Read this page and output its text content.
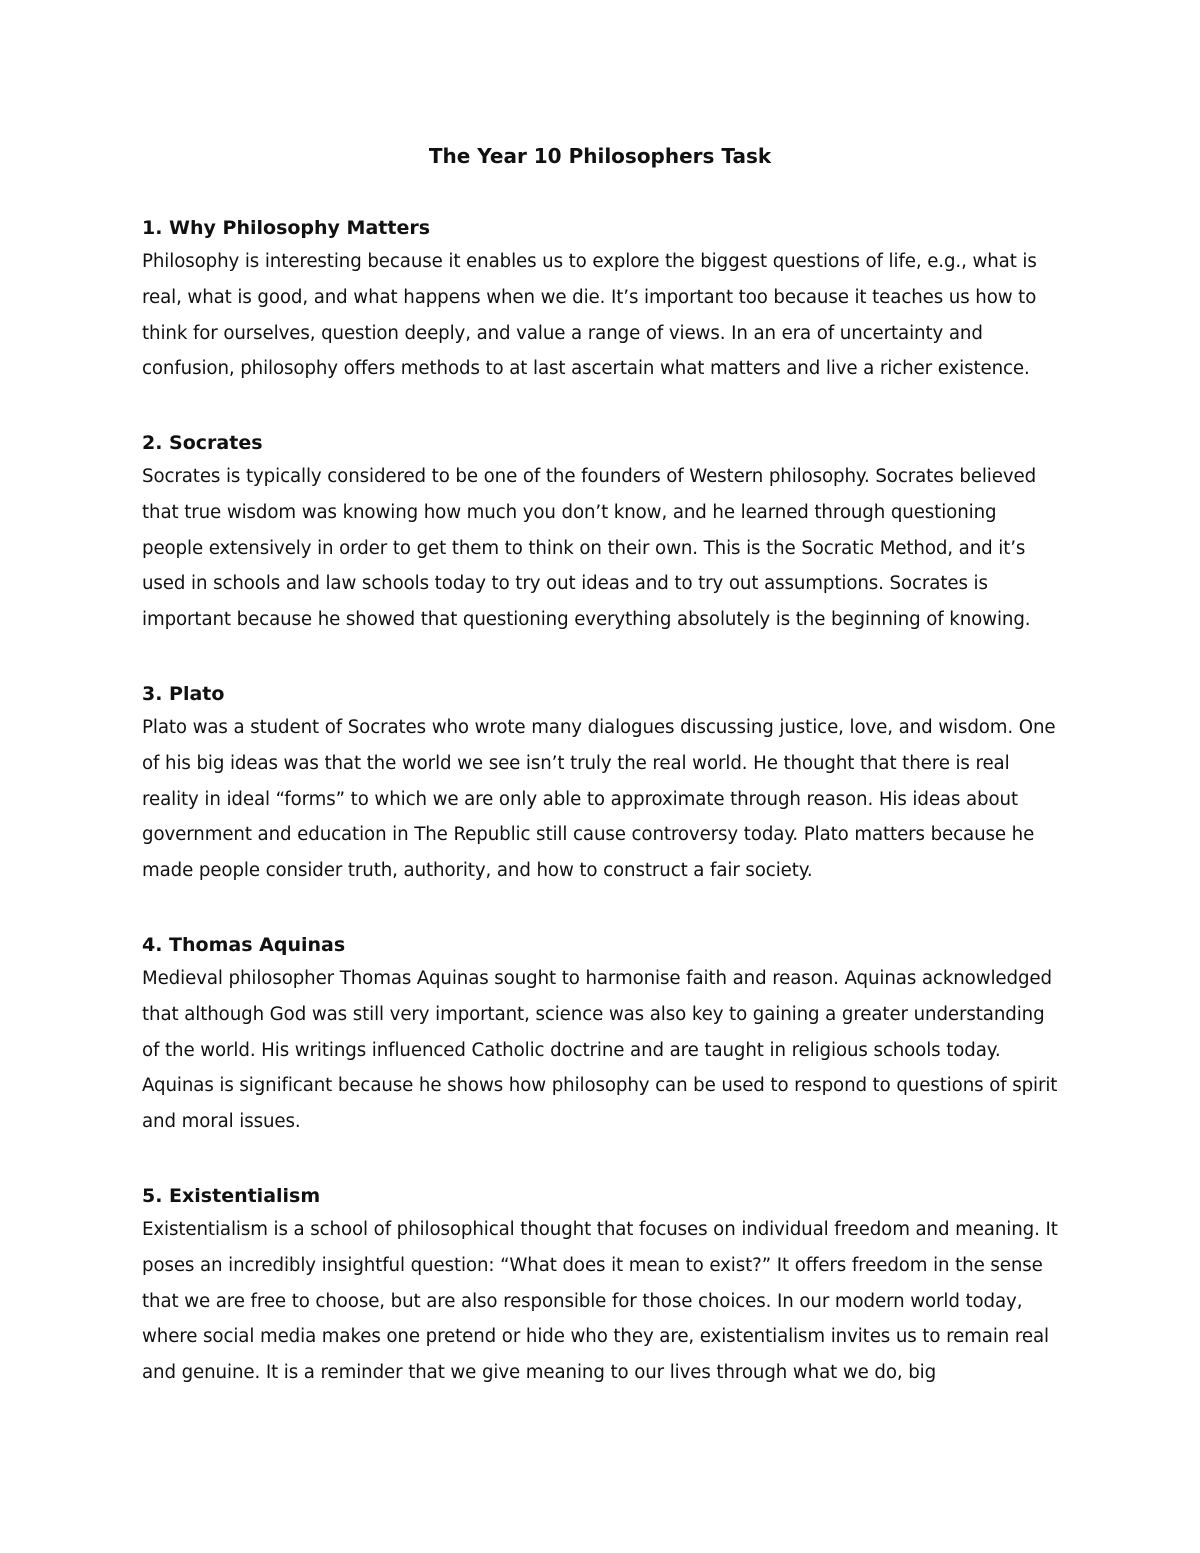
The Year 10 Philosophers Task
1. Why Philosophy Matters

Philosophy is interesting because it enables us to explore the biggest questions of life, e.g., what is real, what is good, and what happens when we die. It’s important too because it teaches us how to think for ourselves, question deeply, and value a range of views. In an era of uncertainty and confusion, philosophy offers methods to at last ascertain what matters and live a richer existence.

2. Socrates

Socrates is typically considered to be one of the founders of Western philosophy. Socrates believed that true wisdom was knowing how much you don’t know, and he learned through questioning people extensively in order to get them to think on their own. This is the Socratic Method, and it’s used in schools and law schools today to try out ideas and to try out assumptions. Socrates is important because he showed that questioning everything absolutely is the beginning of knowing.

3. Plato

Plato was a student of Socrates who wrote many dialogues discussing justice, love, and wisdom. One of his big ideas was that the world we see isn’t truly the real world. He thought that there is real reality in ideal “forms” to which we are only able to approximate through reason. His ideas about government and education in The Republic still cause controversy today. Plato matters because he made people consider truth, authority, and how to construct a fair society.

4. Thomas Aquinas

Medieval philosopher Thomas Aquinas sought to harmonise faith and reason. Aquinas acknowledged that although God was still very important, science was also key to gaining a greater understanding of the world. His writings influenced Catholic doctrine and are taught in religious schools today. Aquinas is significant because he shows how philosophy can be used to respond to questions of spirit and moral issues.

5. Existentialism

Existentialism is a school of philosophical thought that focuses on individual freedom and meaning. It poses an incredibly insightful question: “What does it mean to exist?” It offers freedom in the sense that we are free to choose, but are also responsible for those choices. In our modern world today, where social media makes one pretend or hide who they are, existentialism invites us to remain real and genuine. It is a reminder that we give meaning to our lives through what we do, big
